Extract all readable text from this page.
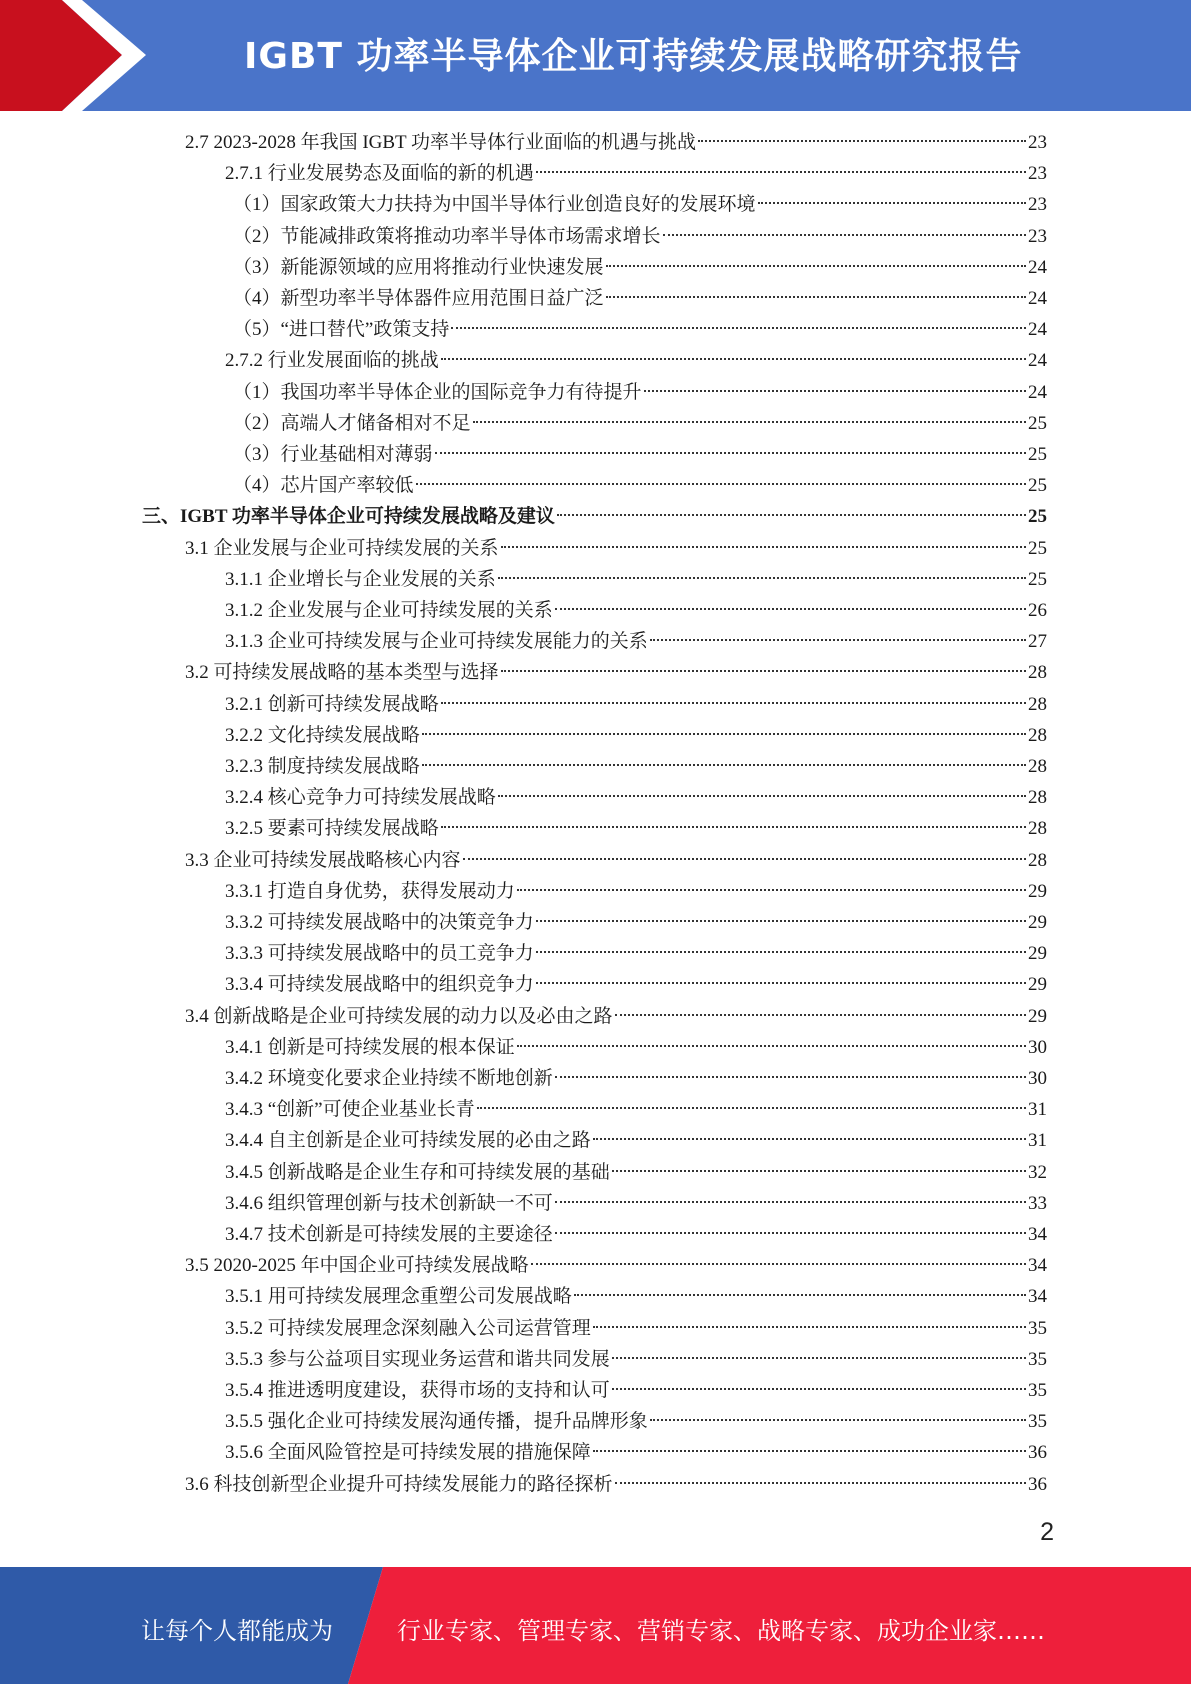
IGBT 功率半导体企业可持续发展战略研究报告
2.7 2023-2028 年我国 IGBT 功率半导体行业面临的机遇与挑战	23
2.7.1 行业发展势态及面临的新的机遇	23
（1）国家政策大力扶持为中国半导体行业创造良好的发展环境	23
（2）节能减排政策将推动功率半导体市场需求增长	23
（3）新能源领域的应用将推动行业快速发展	24
（4）新型功率半导体器件应用范围日益广泛	24
（5）“进口替代”政策支持	24
2.7.2 行业发展面临的挑战	24
（1）我国功率半导体企业的国际竞争力有待提升	24
（2）高端人才储备相对不足	25
（3）行业基础相对薄弱	25
（4）芯片国产率较低	25
三、IGBT 功率半导体企业可持续发展战略及建议	25
3.1 企业发展与企业可持续发展的关系	25
3.1.1 企业增长与企业发展的关系	25
3.1.2 企业发展与企业可持续发展的关系	26
3.1.3 企业可持续发展与企业可持续发展能力的关系	27
3.2 可持续发展战略的基本类型与选择	28
3.2.1 创新可持续发展战略	28
3.2.2 文化持续发展战略	28
3.2.3 制度持续发展战略	28
3.2.4 核心竞争力可持续发展战略	28
3.2.5 要素可持续发展战略	28
3.3 企业可持续发展战略核心内容	28
3.3.1 打造自身优势，获得发展动力	29
3.3.2 可持续发展战略中的决策竞争力	29
3.3.3 可持续发展战略中的员工竞争力	29
3.3.4 可持续发展战略中的组织竞争力	29
3.4 创新战略是企业可持续发展的动力以及必由之路	29
3.4.1 创新是可持续发展的根本保证	30
3.4.2 环境变化要求企业持续不断地创新	30
3.4.3 “创新”可使企业基业长青	31
3.4.4 自主创新是企业可持续发展的必由之路	31
3.4.5 创新战略是企业生存和可持续发展的基础	32
3.4.6 组织管理创新与技术创新缺一不可	33
3.4.7 技术创新是可持续发展的主要途径	34
3.5 2020-2025 年中国企业可持续发展战略	34
3.5.1 用可持续发展理念重塑公司发展战略	34
3.5.2 可持续发展理念深刻融入公司运营管理	35
3.5.3 参与公益项目实现业务运营和谐共同发展	35
3.5.4 推进透明度建设，获得市场的支持和认可	35
3.5.5 强化企业可持续发展沟通传播，提升品牌形象	35
3.5.6 全面风险管控是可持续发展的措施保障	36
3.6 科技创新型企业提升可持续发展能力的路径探析	36
2
让每个人都能成为	行业专家、管理专家、营销专家、战略专家、成功企业家……
